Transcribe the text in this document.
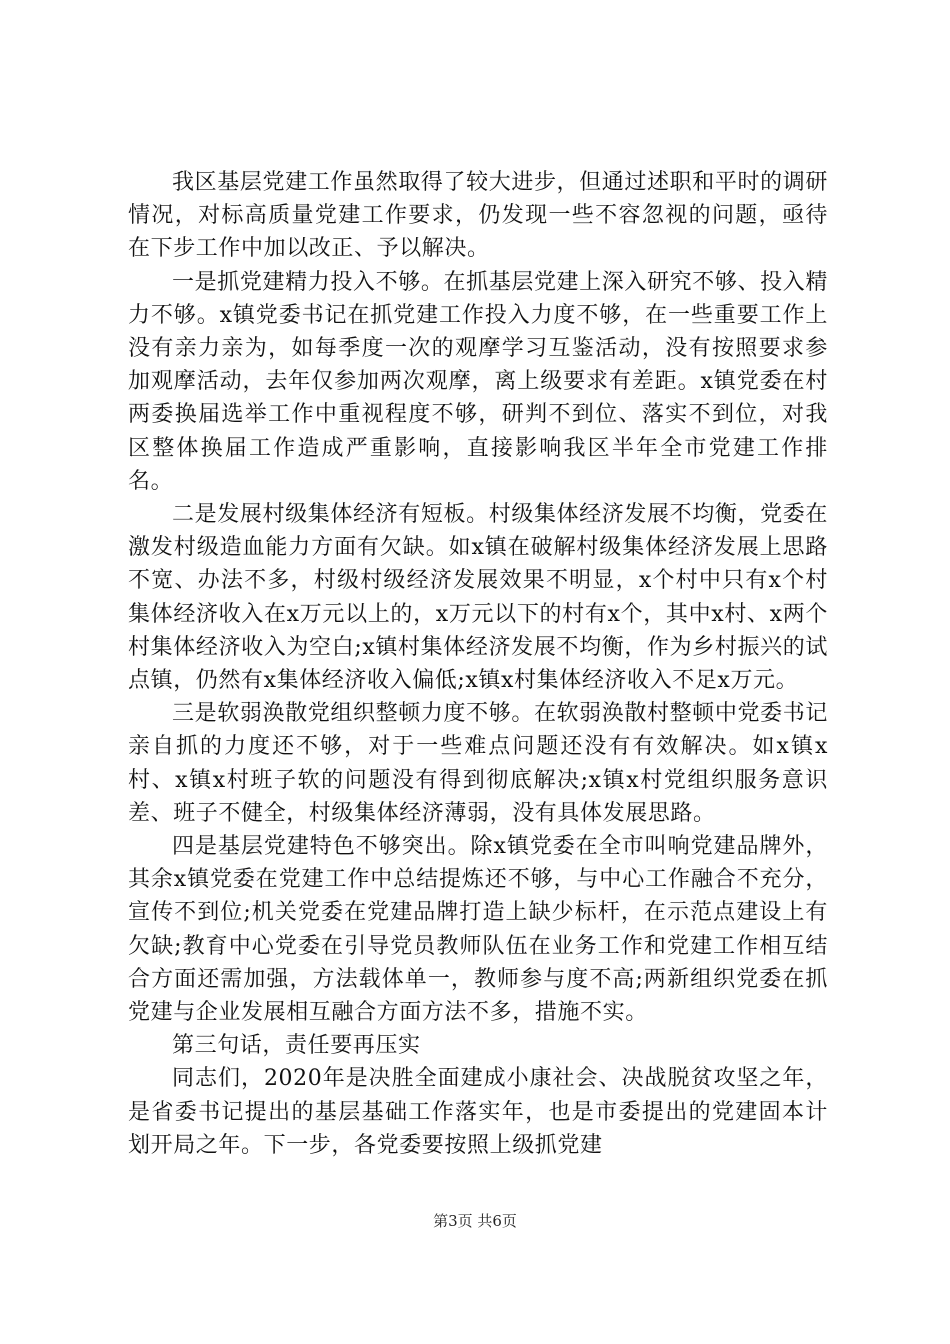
我区基层党建工作虽然取得了较大进步，但通过述职和平时的调研情况，对标高质量党建工作要求，仍发现一些不容忽视的问题，亟待在下步工作中加以改正、予以解决。

一是抓党建精力投入不够。在抓基层党建上深入研究不够、投入精力不够。x镇党委书记在抓党建工作投入力度不够，在一些重要工作上没有亲力亲为，如每季度一次的观摩学习互鉴活动，没有按照要求参加观摩活动，去年仅参加两次观摩，离上级要求有差距。x镇党委在村两委换届选举工作中重视程度不够，研判不到位、落实不到位，对我区整体换届工作造成严重影响，直接影响我区半年全市党建工作排名。

二是发展村级集体经济有短板。村级集体经济发展不均衡，党委在激发村级造血能力方面有欠缺。如x镇在破解村级集体经济发展上思路不宽、办法不多，村级村级经济发展效果不明显，x个村中只有x个村集体经济收入在x万元以上的，x万元以下的村有x个，其中x村、x两个村集体经济收入为空白;x镇村集体经济发展不均衡，作为乡村振兴的试点镇，仍然有x集体经济收入偏低;x镇x村集体经济收入不足x万元。

三是软弱涣散党组织整顿力度不够。在软弱涣散村整顿中党委书记亲自抓的力度还不够，对于一些难点问题还没有有效解决。如x镇x村、x镇x村班子软的问题没有得到彻底解决;x镇x村党组织服务意识差、班子不健全，村级集体经济薄弱，没有具体发展思路。

四是基层党建特色不够突出。除x镇党委在全市叫响党建品牌外，其余x镇党委在党建工作中总结提炼还不够，与中心工作融合不充分，宣传不到位;机关党委在党建品牌打造上缺少标杆，在示范点建设上有欠缺;教育中心党委在引导党员教师队伍在业务工作和党建工作相互结合方面还需加强，方法载体单一，教师参与度不高;两新组织党委在抓党建与企业发展相互融合方面方法不多，措施不实。

第三句话，责任要再压实

同志们，2020年是决胜全面建成小康社会、决战脱贫攻坚之年，是省委书记提出的基层基础工作落实年，也是市委提出的党建固本计划开局之年。下一步，各党委要按照上级抓党建

第3页 共6页
